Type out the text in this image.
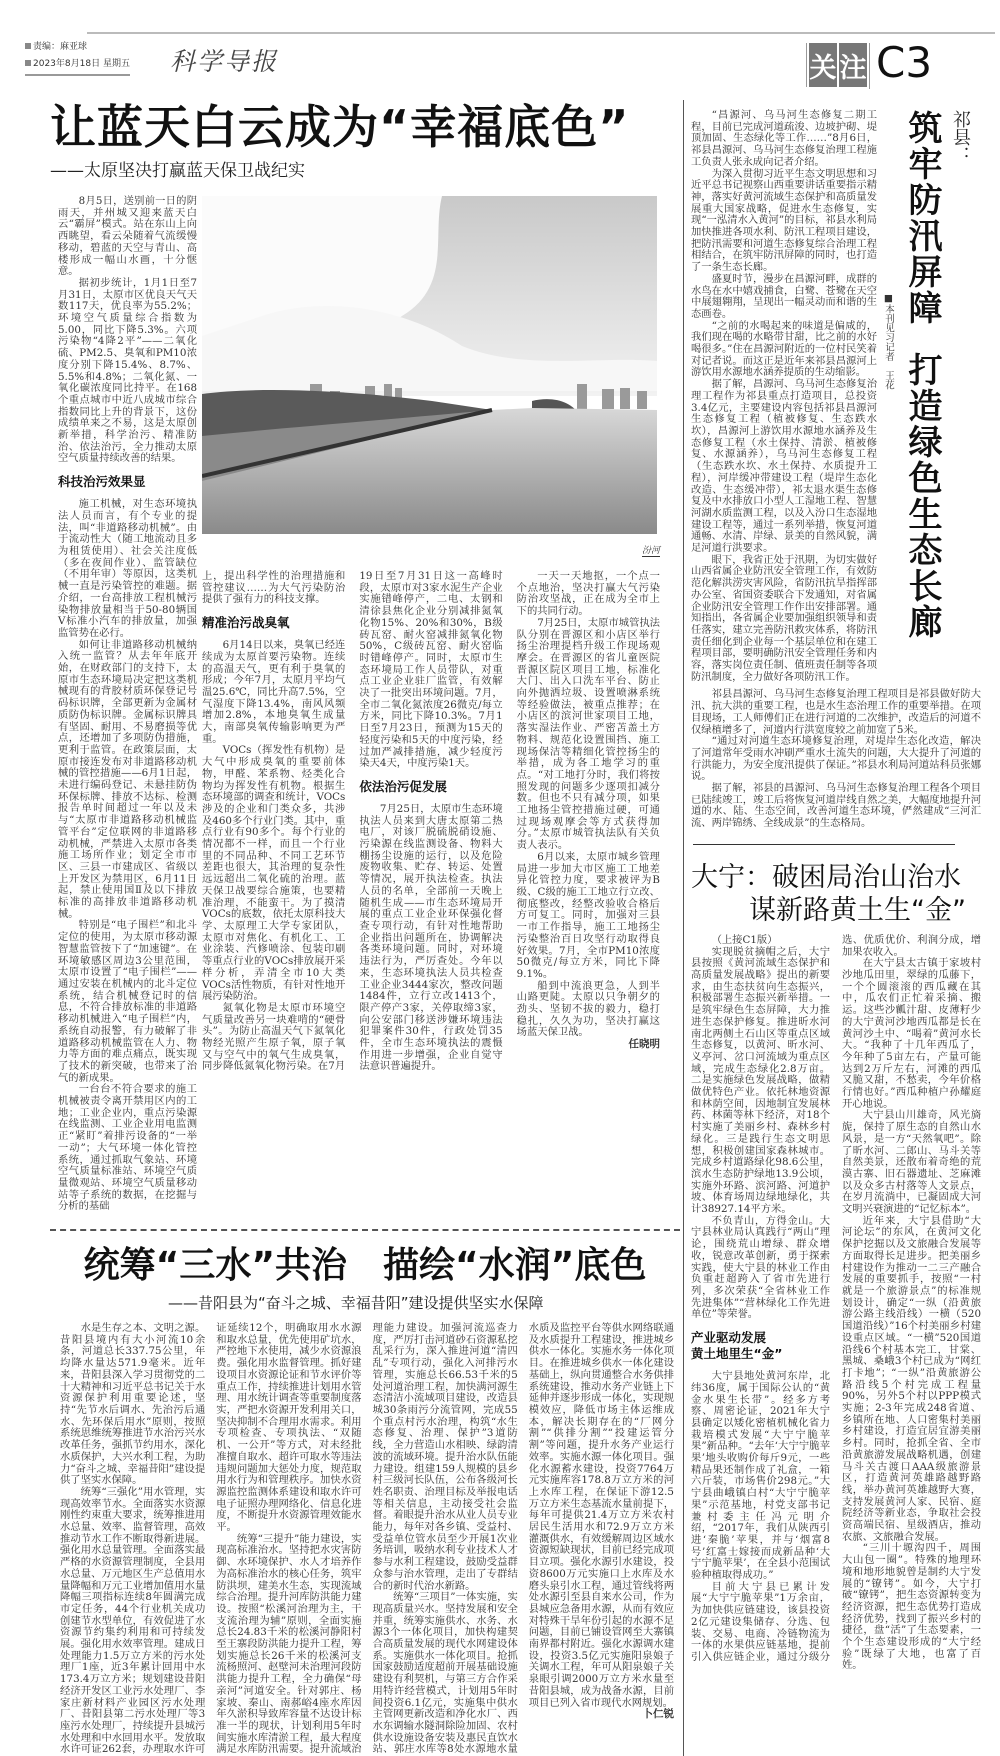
责编：麻亚球
2023年8月18日 星期五 科学导报	关 注 C3
让蓝天白云成为“幸福底色”
——太原坚决打赢蓝天保卫战纪实

8月5日，送别前一日的阴雨天，并州城又迎来蓝天白云“霸屏”模式。站在东山上向西眺望，看云朵随着气流缓慢移动，碧蓝的天空与青山、高楼形成一幅山水画，十分惬意。

据初步统计，1月1日至7月31日，太原市区优良天气天数117天，优良率为55.2%；环境空气质量综合指数为5.00，同比下降5.3%。六项污染物“4降2平”——二氧化硫、PM2.5、臭氧和PM10浓度分别下降15.4%、8.7%、5.5%和4.8%；二氧化氮、一氧化碳浓度同比持平。在168个重点城市中近八成城市综合指数同比上升的背景下，这份成绩单来之不易，这是太原创新举措，科学治污、精准防治、依法治污，全力推动太原空气质量持续改善的结果。

科技治污效果显

施工机械，对生态环境执法人员而言，有个专业的提法，叫“非道路移动机械”。由于流动性大（随工地流动且多为租赁使用）、社会关注度低（多在夜间作业）、监管缺位（不用年审）等原因，这类机械一直是污染管控的难题。据介绍，一台高排放工程机械污染物排放量相当于50-80辆国Ⅴ标准小汽车的排放量，加强监管势在必行。

如何让非道路移动机械纳入统一监管？从去年年底开始，在财政部门的支持下，太原市生态环境局决定把这类机械现有的背胶材质环保登记号码标识牌，全部更新为金属材质防伪标识牌。金属标识牌具有坚固、耐用、不易磨损等优点，还增加了多项防伪措施，更利于监管。在政策层面，太原市接连发布对非道路移动机械的管控措施——6月1日起，未进行编码登记、未悬挂防伪环保标牌、排放不达标、检测报告单时间超过一年以及未与“太原市非道路移动机械监管平台”定位联网的非道路移动机械，严禁进入太原市各类施工场所作业；划定全市市区、三县一市建成区、省级以上开发区为禁用区，6月11日起，禁止使用国Ⅱ及以下排放标准的高排放非道路移动机械。

特别是“电子围栏”和北斗定位的使用，为太原市移动源智慧监管按下了“加速键”。在环境敏感区周边3公里范围，太原市设置了“电子围栏”——通过安装在机械内的北斗定位系统，结合机械登记时的信息，不符合排放标准的非道路移动机械进入“电子围栏”内，系统自动报警，有力破解了非道路移动机械监管在人力、物力等方面的难点痛点，既实现了技术的新突破，也带来了治气的新成果。

一台台不符合要求的施工机械被责令离开禁用区内的工地；工业企业内，重点污染源在线监测、工业企业用电监测正“紧盯”着排污设备的“一举一动”；大气环境一体化管控系统，通过抓取气象站、环境空气质量标准站、环境空气质量微观站、环境空气质量移动站等子系统的数据，在挖掘与分析的基础

汾河

上，提出科学性的治理措施和管控建议……为大气污染防治提供了强有力的科技支撑。

精准治污战臭氧

6月14日以来，臭氧已经连续成为太原首要污染物。连续的高温天气，更有利于臭氧的形成；今年7月，太原月平均气温25.6℃，同比升高7.5%，空气湿度下降13.4%，南风风频增加2.8%，本地臭氧生成量大，南部臭氧传输影响更为严重。

VOCs（挥发性有机物）是大气中形成臭氧的重要前体物，甲醛、苯系物、烃类化合物均为挥发性有机物。根据生态环境部的调查和统计，VOCs涉及的企业和门类众多，共涉及460多个行业门类。其中，重点行业有90多个。每个行业的情况都不一样，而且一个行业里的不同品种、不同工艺环节差距也很大，其治理的复杂性远远超出二氧化硫的治理。蓝天保卫战要综合施策，也要精准治理，不能蛮干。为了摸清VOCs的底数，依托太原科技大学、太原理工大学专家团队，太原市对焦化、有机化工、工业涂装、汽修喷涂、包装印刷等重点行业的VOCs排放展开采样分析，弄清全市10大类VOCs活性物质，有针对性地开展污染防治。

氮氧化物是太原市环境空气质量改善另一块难啃的“硬骨头”。为防止高温天气下氮氧化物经光照产生原子氧，原子氧又与空气中的氧气生成臭氧，同步降低氮氧化物污染。在7月19日至7月31日这一高峰时段，太原市对3家水泥生产企业实施错峰停产，二电、太钢和清徐县焦化企业分别减排氮氧化物15%、20%和30%，B级砖瓦窑、耐火窑减排氮氧化物50%，C级砖瓦窑、耐火窑临时错峰停产。同时，太原市生态环境局工作人员带队，对重点工业企业驻厂监管，有效解决了一批突出环境问题。7月，全市二氧化氮浓度26微克/每立方米，同比下降10.3%。7月1日至7月23日，预测为15天的轻度污染和5天的中度污染，经过加严减排措施，减少轻度污染天4天，中度污染1天。

依法治污促发展

7月25日，太原市生态环境执法人员来到大唐太原第二热电厂，对该厂脱硫脱硝设施、污染源在线监测设备、物料大棚扬尘设施的运行，以及危险废物收集、贮存、转运、处置等情况，展开执法检查。执法人员的名单，全部前一天晚上随机生成——市生态环境局开展的重点工业企业环保强化督查专项行动，有针对性地帮助企业指出问题所在，协调解决各类环境问题。同时，对环境违法行为，严厉查处。今年以来，生态环境执法人员共检查工业企业3444家次，整改问题1484件，立行立改1413个，限产停产3家，关停取缔3家，向公安部门移送涉嫌环境违法犯罪案件30件，行政处罚35件，全市生态环境执法的震慑作用进一步增强，企业自觉守法意识普遍提升。

一天一天地抠，一个点一个点地治，坚决打赢大气污染防治攻坚战，正在成为全市上下的共同行动。

7月25日，太原市城管执法队分别在晋源区和小店区举行扬尘治理提档升级工作现场观摩会。在晋源区的省儿童医院晋源区院区项目工地，标准化大门、出入口洗车平台、防止向外抛洒垃圾、设置喷淋系统等经验做法，被重点推荐；在小店区的滨河世家项目工地，落实湿法作业、严密苫盖土方物料、规范化设置围挡、施工现场保洁等精细化管控扬尘的举措，成为各工地学习的重点。“对工地打分时，我们将按照发现的问题多少逐项扣减分数。但也不只有减分项，如果工地扬尘管控措施过硬，可通过现场观摩会等方式获得加分。”太原市城管执法队有关负责人表示。

6月以来，太原市城乡管理局进一步加大市区施工工地差异化管控力度，要求被评为B级、C级的施工工地立行立改、彻底整改，经整改验收合格后方可复工。同时，加强对三县一市工作指导，施工工地扬尘污染整治百日攻坚行动取得良好效果。7月，全市PM10浓度50微克/每立方米，同比下降9.1%。

船到中流浪更急，人到半山路更陡。太原以只争朝夕的劲头、坚韧不拔的毅力，稳打稳扎，久久为功，坚决打赢这场蓝天保卫战。

任晓明

统筹“三水”共治　描绘“水润”底色
——昔阳县为“奋斗之城、幸福昔阳”建设提供坚实水保障

水是生存之本、文明之源。昔阳县境内有大小河流10余条，河道总长337.75公里，年均降水量达571.9毫米。近年来，昔阳县深入学习贯彻党的二十大精神和习近平总书记关于水资源保护利用重要论述，坚持“先节水后调水、先治污后通水、先环保后用水”原则，按照系统思维统筹推进节水治污兴水改革任务，强抓节约用水，深化水质保护，大兴水利工程，为助力“奋斗之城、幸福昔阳”建设提供了坚实水保障。

统筹“三强化”用水管理，实现高效率节水。全面落实水资源刚性约束重大要求，统筹推进用水总量、效率、监督管理，高效推动节水工作不断取得新进展。强化用水总量管理。全面落实最严格的水资源管理制度，全县用水总量、万元地区生产总值用水量降幅和万元工业增加值用水量降幅三项指标连续8年圆满完成市定任务，44个行业机关成功创建节水型单位，有效促进了水资源节约集约利用和可持续发展。强化用水效率管理。建成日处理能力1.5万立方米的污水处理厂1座，近3年累计回用中水173.4万立方米；规划建设昔阳经济开发区工业污水处理厂、李家庄新材料产业园区污水处理厂、昔阳县第二污水处理厂等3座污水处理厂，持续提升县城污水处理和中水回用水平。发放取水许可证262套，办理取水许可证延续12个，明确取用水水源和取水总量，优先使用矿坑水，严控地下水使用，减少水资源浪费。强化用水监督管理。抓好建设项目水资源论证和节水评价等重点工作，持续推进计划用水管理、用水统计调查等重要制度落实，严把水资源开发利用关口，坚决抑制不合理用水需求。利用专项检查、专项执法、“双随机、一公开”等方式，对未经批准擅自取水、超许可取水等违法违规问题加大惩处力度，规范取用水行为和管理秩序。加快水资源监控监测体系建设和取水许可电子证照办理网络化、信息化进度，不断提升水资源管理效能水平。

统筹“三提升”能力建设，实现高标准治水。坚持把水灾害防御、水环境保护、水人才培养作为高标准治水的核心任务，筑牢防洪坝，建美水生态，实现流域综合治理。提升河库防洪能力建设。按照“松溪河治理为主，干支流治理为辅”原则，全面实施总长24.83千米的松溪河静阳村至王寨段防洪能力提升工程，筹划实施总长26千米的松溪河支流杨照河、赵壁河未治理河段防洪能力提升工程，全力确保“母亲河”河道安全。针对郭庄、杨家坡、秦山、南郝峪4座水库因年久淤积导致库容量不达设计标准一半的现状，计划利用5年时间实施水库清淤工程，最大程度满足水库防汛需要。提升流域治理能力建设。加强河流巡查力度，严厉打击河道砂石资源私挖乱采行为，深入推进河道“清四乱”专项行动，强化入河排污水管理，实施总长66.53千米的5处河道治理工程，加快满河源生态清洁小流域项目建设，改造县城30条雨污分流管网，完成55个重点村污水治理，构筑“水生态修复、治理、保护”3道防线，全力营造山水相映、绿韵清波的流域环境。提升治水队伍能力建设。组建159人规模的县乡村三级河长队伍，公布各级河长姓名职责、治理目标及举报电话等相关信息，主动接受社会监督。着眼提升治水从业人员专业能力，每年对各乡镇、受益村、受益单位管水员至少开展1次业务培训，吸纳水利专业技术人才参与水利工程建设，鼓励受益群众参与治水管理，走出了专群结合的新时代治水新路。

统筹“三项目”一体实施，实现高质量兴水。坚持发展和安全并重，统筹实施供水、水务、水源3个一体化项目，加快构建契合高质量发展的现代水网建设体系。实施供水一体化项目。抢抓国家鼓励适度超前开展基础设施建设有利契机，与第三方合作采用特许经营模式，计划用5年时间投资6.1亿元，实施集中供水主管网更新改造和净化水厂、西水东调输水隧洞除险加固、农村供水设施设备安装及惠民直饮水站、郭庄水库等8处水源地水量水质及监控平台等供水网络联通及水质提升工程建设，推进城乡供水一体化。实施水务一体化项目。在推进城乡供水一体化建设基础上，纵向贯通整合水务供排系统建设，推动水务产业链上下延伸并逐步形成一体化，实现规模效应，降低市场主体运维成本，解决长期存在的“厂网分割”“供排分割”“投建运管分割”等问题，提升水务产业运行效率。实施水源一体化项目。强化水源蓄水建设，投资7764万元实施库容178.8万立方米的河上水库工程，在保证下游12.5万立方米生态基流水量前提下，每年可提供21.4万立方米农村居民生活用水和72.9万立方米灌溉供水，有效缓解周边区域水资源短缺现状，目前已经完成项目立项。强化水源引水建设，投资8600万元实施口上水库及水磨头泉引水工程，通过管线将两处水源引至县自来水公司，作为县城应急备用水源，从而有效应对特殊干旱年份引起的水源不足问题，目前已铺设管网至大寨镇南界都村附近。强化水源调水建设，投资3.5亿元实施阳泉娘子关调水工程，年可从阳泉娘子关泉眼引调2000万立方米水量至昔阳县城，成为战备水源，目前项目已列入省市现代水网规划。

卜仁锐

“昌源河、乌马河生态修复二期工程，目前已完成河道疏浚、边坡护砌、堤顶加固、生态绿化等工作……”8月6日，祁县昌源河、乌马河生态修复治理工程施工负责人张永成向记者介绍。

为深入贯彻习近平生态文明思想和习近平总书记视察山西重要讲话重要指示精神，落实好黄河流域生态保护和高质量发展重大国家战略，促进水生态修复，实现“一泓清水入黄河”的目标，祁县水利局加快推进各项水利、防汛工程项目建设，把防汛需要和河道生态修复综合治理工程相结合，在筑牢防汛屏障的同时，也打造了一条生态长廊。

盛夏时节，漫步在昌源河畔，成群的水鸟在水中嬉戏捕食，白鹭、苍鹭在天空中展翅翱翔，呈现出一幅灵动而和谐的生态画卷。

“之前的水喝起来的味道是偏咸的，我们现在喝的水略带甘甜，比之前的水好喝很多。”住在昌源河附近的一位村民笑着对记者说。而这正是近年来祁县昌源河上游饮用水源地水涵养提质的生动缩影。

据了解，昌源河、乌马河生态修复治理工程作为祁县重点打造项目，总投资3.4亿元，主要建设内容包括祁县昌源河生态修复工程（植被修复、生态跌水坎），昌源河上游饮用水源地水涵养及生态修复工程（水土保持、清淤、植被修复、水源涵养），乌马河生态修复工程（生态跌水坎、水土保持、水质提升工程），河岸缓冲带建设工程（堤岸生态化改造、生态缓冲带），祁太退水渠生态修复及中水排放口小型人工湿地工程、智慧河湖水质监测工程，以及入汾口生态湿地建设工程等，通过一系列举措，恢复河道通畅、水清、岸绿、景美的自然风貌，满足河道行洪要求。

眼下，我省正处于汛期，为切实做好山西省属企业防汛安全管理工作，有效防范化解洪涝灾害风险，省防汛抗旱指挥部办公室、省国资委联合下发通知，对省属企业防汛安全管理工作作出安排部署。通知指出，各省属企业要加强组织领导和责任落实，建立完善防汛救灾体系，将防汛责任细化到企业每一个基层单位和在建工程项目部，要明确防汛安全管理任务和内容，落实岗位责任制、值班责任制等各项防汛制度，全力做好各项防汛工作。

■本刊见习记者　王花
筑牢防汛屏障打造绿色生态长廊
祁县：

祁县昌源河、乌马河生态修复治理工程项目是祁县做好防大汛、抗大洪的重要工程，也是水生态治理工作的重要举措。在项目现场，工人师傅们正在进行河道的二次维护，改造后的河道不仅绿植增多了，河道内行洪宽度较之前加宽了5米。

“通过对河道生态环境修复治理，对堤岸生态化改造，解决了河道常年受雨水冲刷严重水土流失的问题，大大提升了河道的行洪能力，为安全度汛提供了保证。”祁县水利局河道站科员张娜说。

据了解，祁县的昌源河、乌马河生态修复治理工程各个项目已陆续竣工，竣工后将恢复河道岸线自然之美，大幅度地提升河道的水、陆、生态空间，改善河道生态环境，俨然建成“三河汇流、两岸锦绣、全线成景”的生态格局。

大宁：破困局治山治水
谋新路黄土生“金”

（上接C1版）

实现脱贫摘帽之后，大宁县按照《黄河流域生态保护和高质量发展战略》提出的新要求，由生态扶贫向生态振兴，积极部署生态振兴新举措。一是筑牢绿色生态屏障，大力推进生态保护修复。推进昕水河南北两侧土石山区等重点区域生态修复，以黄河、昕水河、义亭河、岔口河流域为重点区域，完成生态绿化2.8万亩。二是实施绿色发展战略，做精做优特色产业。依托林地资源和林荫空间，因地制宜发展林药、林菌等林下经济，对18个村实施了美丽乡村、森林乡村绿化。三是践行生态文明思想，积极创建国家森林城市。完成乡村道路绿化98.6公里，滨水生态防护绿地13.9公顷，实施外环路、滨河路、河道护坡、体育场周边绿地绿化，共计38927.14平方米。

不负青山，方得金山。大宁县林业局认真践行“两山”理论，围绕荒山增绿、群众增收，锐意改革创新，勇于探索实践，使大宁县的林业工作由负重赶超跨入了省市先进行列，多次荣获“全省林业工作先进集体”“营林绿化工作先进单位”等荣誉。

产业驱动发展
黄土地里生“金”

大宁县地处黄河东岸，北纬36度，属于国际公认的“黄金水果生长带”。经多方考察、周密论证，2021年大宁县确定以矮化密植机械化省力栽培模式发展“大宁宁脆苹果”新品种。“去年‘大宁宁脆苹果’地头收购价每斤9元，一些精品果还制作成了礼盒，一箱六斤装，市场售价298元。”大宁县曲峨镇白村“大宁宁脆苹果”示范基地，村党支部书记兼村委主任冯元明介绍，“2017年，我们从陕西引进‘秦脆’苹果，并与‘烟富8号’红富士嫁接而成新品种‘大宁宁脆苹果’，在全县小范围试验种植取得成功。”

目前大宁县已累计发展“大宁宁脆苹果”1万余亩，为加快供应链建设，该县投资2亿元建设集储存、分选、包装、交易、电商、冷链物流为一体的水果供应链基地，提前引入供应链企业，通过分级分选、优质优价、利润分成，增加果农收入。

在大宁县太古镇于家坡村沙地瓜田里，翠绿的瓜藤下，一个个圆滚滚的西瓜藏在其中，瓜农们正忙着采摘、搬运。这些沙瓤汁甜、皮薄籽少的大宁黄河沙地西瓜都是长在黄河沙土中、“喝着”黄河水长大。“我种了十几年西瓜了，今年种了5亩左右，产量可能达到2万斤左右，河滩的西瓜又脆又甜，不愁卖，今年价格行情也好。”西瓜种植户孙耀庭开心地说。

大宁县山川雄奇，风光旖旎，保持了原生态的自然山水风景，是一方“天然氧吧”。除了昕水河、二郎山、马斗关等自然美景，还散布着奇绝的荒漠古寨、旧石器遗址、芝麻滩以及众多古村落等人文景点，在岁月流淌中，已凝固成大河文明兴衰演进的“记忆标本”。

近年来，大宁县借助“大河论坛”的东风，在黄河文化保护挖掘以及文旅融合发展等方面取得长足进步。把美丽乡村建设作为推动一二三产融合发展的重要抓手，按照“一村就是一个旅游景点”的标准规划设计，确定“一纵（沿黄旅游公路主线沿线）一横（520国道沿线）”16个村美丽乡村建设重点区域。“一横”520国道沿线6个村基本完工，甘棠、黑城、桑峨3个村已成为“网红打卡地”；“一纵”沿黄旅游公路沿线5个村完成工程量90%，另外5个村以PPP模式实施；2-3年完成248省道、乡镇所在地、人口密集村美丽乡村建设，打造宜居宜游美丽乡村。同时，抢抓全省、全市沿黄旅游发展战略机遇，创建马斗关古渡口AAA级旅游景区，打造黄河英雄路越野路线，举办黄河英雄越野大赛，支持发展黄河人家、民宿、庭院经济等新业态，争取社会投资高端民宿、星级酒店，推动农旅、文旅融合发展。

“三川十塬沟四千，周围大山包一圈”。特殊的地理环境和地形地貌曾是制约大宁发展的“镣铐”。如今，大宁打破“镣铐”，把生态资源转变为经济资源，把生态优势打造成经济优势，找到了振兴乡村的捷径，盘“活”了生态要素，一个个生态建设形成的“大宁经验”既绿了大地，也富了百姓。
